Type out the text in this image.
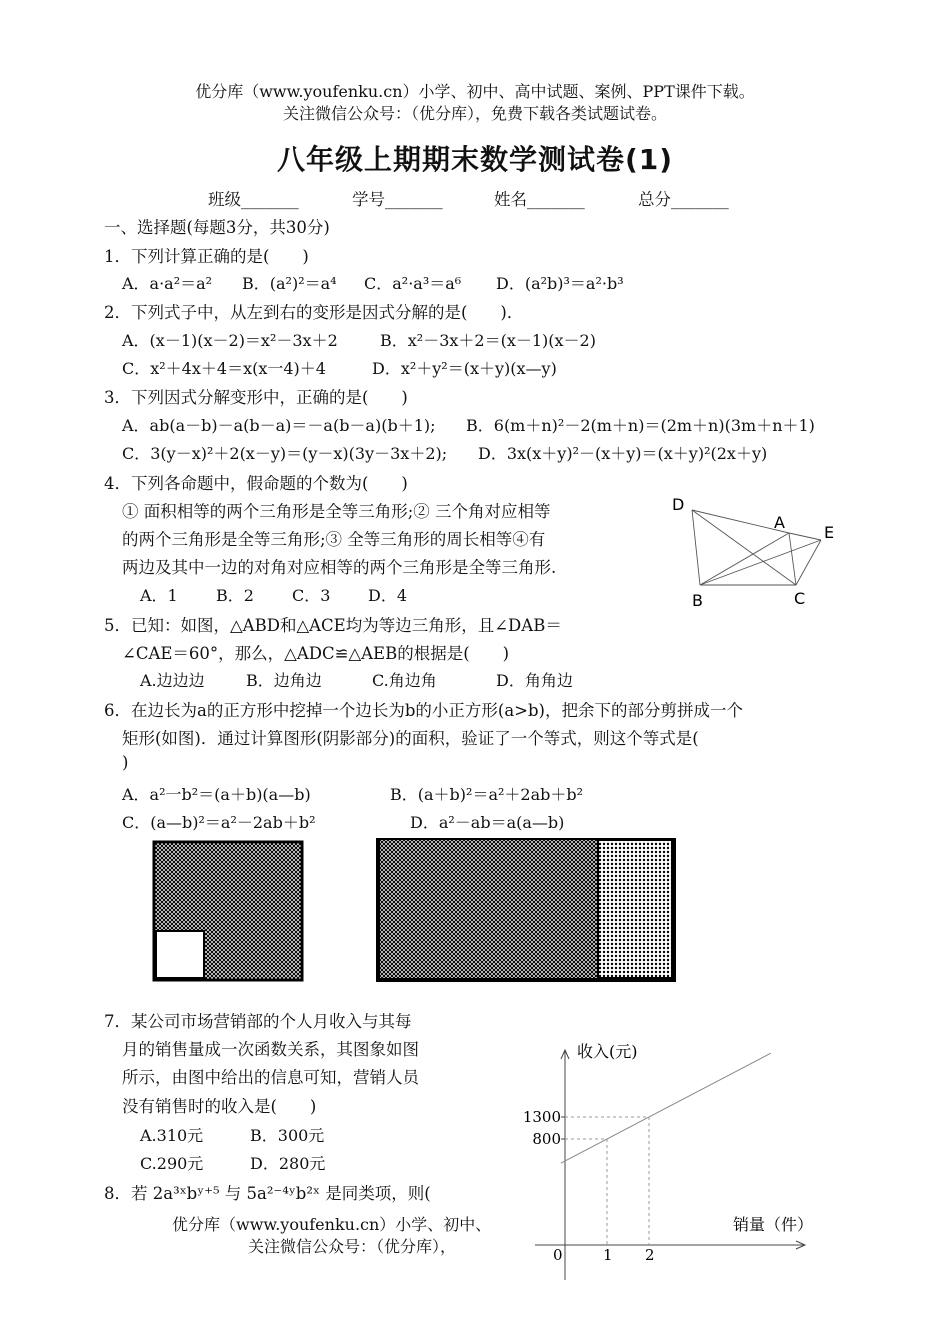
优分库（www.youfenku.cn）小学、初中、高中试题、案例、PPT课件下载。
关注微信公众号：（优分库），免费下载各类试题试卷。
八年级上期期末数学测试卷(1)
班级_______	学号_______	姓名_______	总分_______
一、选择题(每题3分，共30分)
1．下列计算正确的是(　　)
A．a·a²＝a² B．(a²)²＝a⁴ C．a²·a³＝a⁶ D．(a²b)³＝a²·b³
2．下列式子中，从左到右的变形是因式分解的是(　　)．
A．(x－1)(x－2)＝x²－3x＋2	B．x²－3x＋2＝(x－1)(x－2)
C．x²＋4x＋4＝x(x一4)＋4	D．x²＋y²＝(x＋y)(x—y)
3．下列因式分解变形中，正确的是(　　)
A．ab(a－b)－a(b－a)＝－a(b－a)(b＋1); B．6(m＋n)²－2(m＋n)＝(2m＋n)(3m＋n＋1)
C．3(y－x)²＋2(x－y)＝(y－x)(3y－3x＋2); D．3x(x＋y)²－(x＋y)＝(x＋y)²(2x＋y)
4．下列各命题中，假命题的个数为(　　)
① 面积相等的两个三角形是全等三角形;② 三个角对应相等
的两个三角形是全等三角形;③ 全等三角形的周长相等④有
两边及其中一边的对角对应相等的两个三角形是全等三角形.
A．1 B．2 C．3 D．4
D
A
E
B	C
5．已知：如图，△ABD和△ACE均为等边三角形，且∠DAB＝
∠CAE＝60°，那么，△ADC≌△AEB的根据是(　　)
A.边边边	B．边角边	C.角边角	D．角角边
6．在边长为a的正方形中挖掉一个边长为b的小正方形(a>b)，把余下的部分剪拼成一个
矩形(如图)．通过计算图形(阴影部分)的面积，验证了一个等式，则这个等式是(
)
A．a²一b²＝(a＋b)(a—b)	B．(a＋b)²＝a²＋2ab＋b²
C．(a—b)²＝a²－2ab＋b²	D．a²－ab＝a(a—b)
7．某公司市场营销部的个人月收入与其每
月的销售量成一次函数关系，其图象如图
所示，由图中给出的信息可知，营销人员
没有销售时的收入是(　　)
A.310元	B．300元
C.290元	D．280元
8．若 2a³ˣbʸ⁺⁵ 与 5a²⁻⁴ʸb²ˣ 是同类项，则(
收入(元)
销量（件）
0	1
800
2
1300
优分库（www.youfenku.cn）小学、初中、
关注微信公众号：（优分库），
